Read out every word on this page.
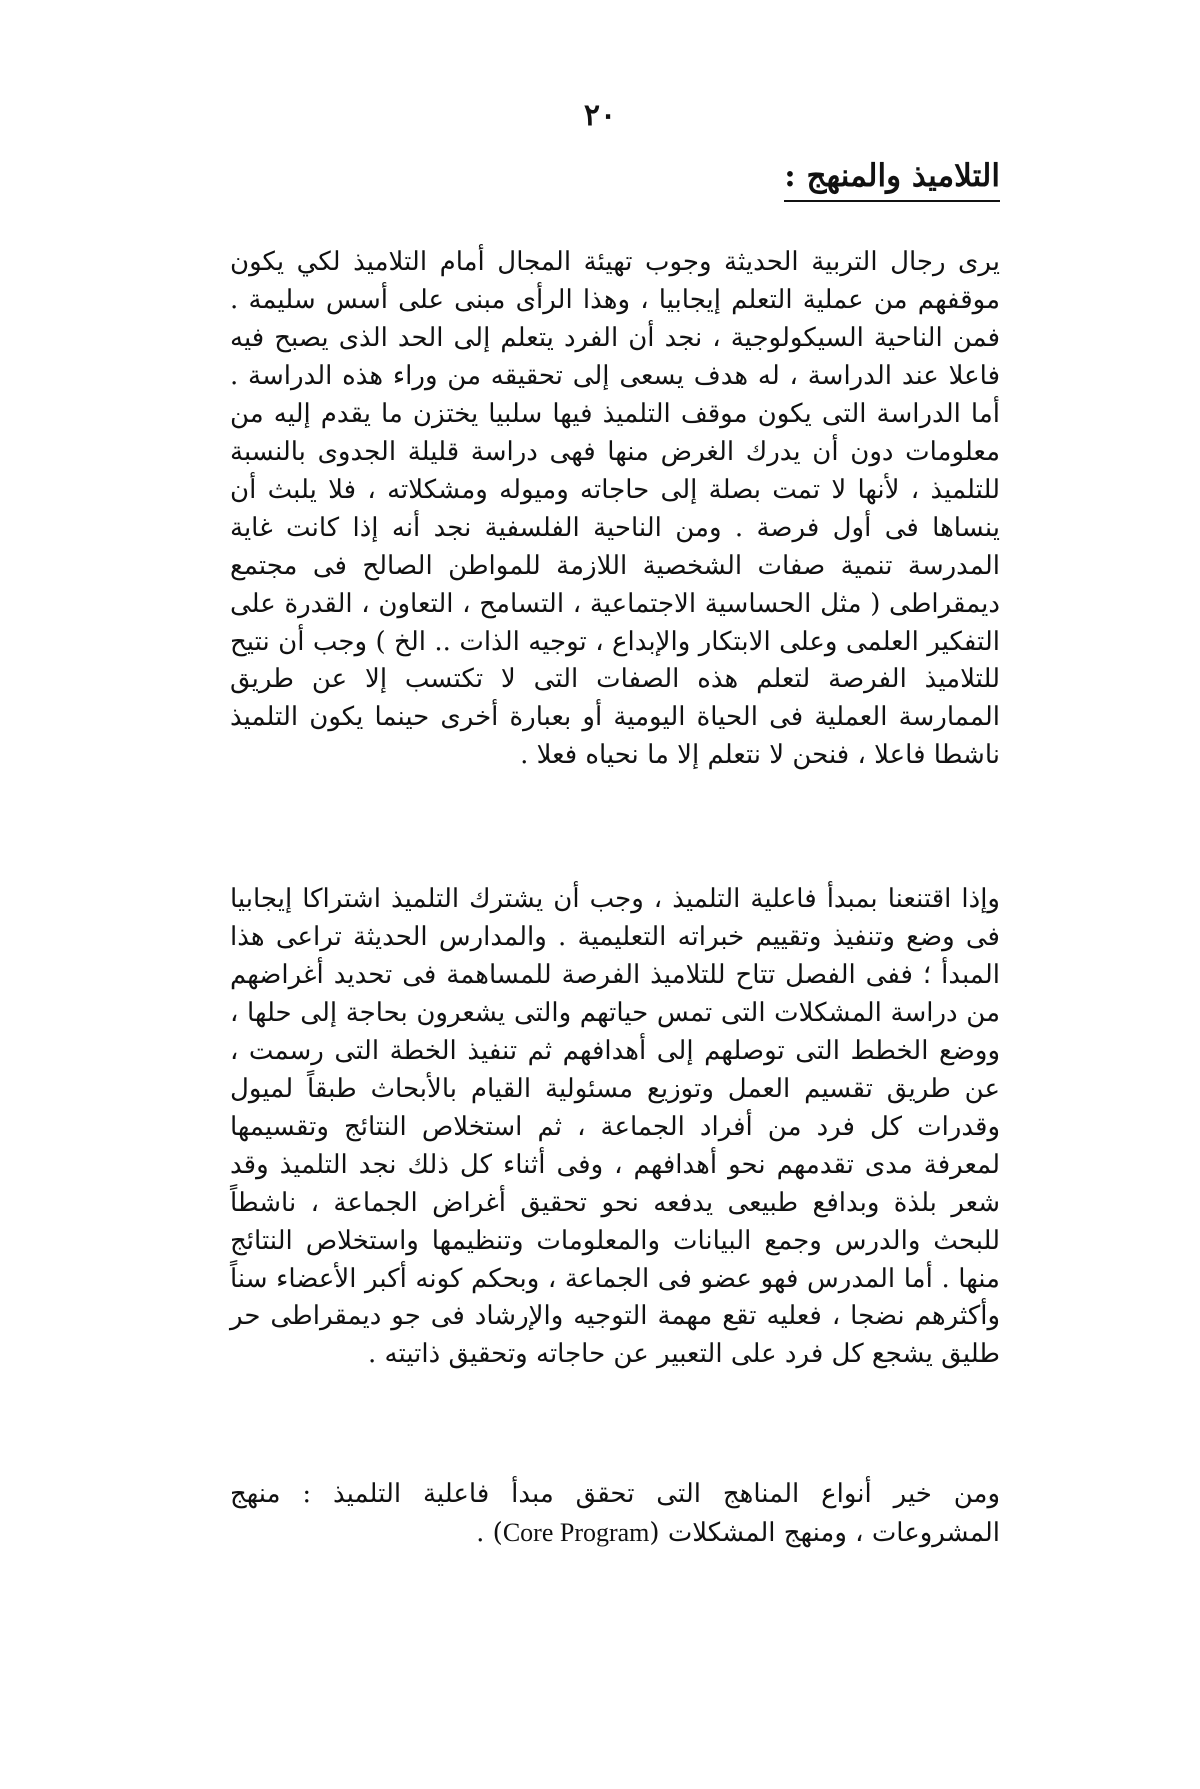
٢٠
التلاميذ والمنهج :

يرى رجال التربية الحديثة وجوب تهيئة المجال أمام التلاميذ لكي يكون موقفهم من عملية التعلم إيجابيا ، وهذا الرأى مبنى على أسس سليمة . فمن الناحية السيكولوجية ، نجد أن الفرد يتعلم إلى الحد الذى يصبح فيه فاعلا عند الدراسة ، له هدف يسعى إلى تحقيقه من وراء هذه الدراسة . أما الدراسة التى يكون موقف التلميذ فيها سلبيا يختزن ما يقدم إليه من معلومات دون أن يدرك الغرض منها فهى دراسة قليلة الجدوى بالنسبة للتلميذ ، لأنها لا تمت بصلة إلى حاجاته وميوله ومشكلاته ، فلا يلبث أن ينساها فى أول فرصة . ومن الناحية الفلسفية نجد أنه إذا كانت غاية المدرسة تنمية صفات الشخصية اللازمة للمواطن الصالح فى مجتمع ديمقراطى ( مثل الحساسية الاجتماعية ، التسامح ، التعاون ، القدرة على التفكير العلمى وعلى الابتكار والإبداع ، توجيه الذات .. الخ ) وجب أن نتيح للتلاميذ الفرصة لتعلم هذه الصفات التى لا تكتسب إلا عن طريق الممارسة العملية فى الحياة اليومية أو بعبارة أخرى حينما يكون التلميذ ناشطا فاعلا ، فنحن لا نتعلم إلا ما نحياه فعلا .

وإذا اقتنعنا بمبدأ فاعلية التلميذ ، وجب أن يشترك التلميذ اشتراكا إيجابيا فى وضع وتنفيذ وتقييم خبراته التعليمية . والمدارس الحديثة تراعى هذا المبدأ ؛ ففى الفصل تتاح للتلاميذ الفرصة للمساهمة فى تحديد أغراضهم من دراسة المشكلات التى تمس حياتهم والتى يشعرون بحاجة إلى حلها ، ووضع الخطط التى توصلهم إلى أهدافهم ثم تنفيذ الخطة التى رسمت ، عن طريق تقسيم العمل وتوزيع مسئولية القيام بالأبحاث طبقاً لميول وقدرات كل فرد من أفراد الجماعة ، ثم استخلاص النتائج وتقسيمها لمعرفة مدى تقدمهم نحو أهدافهم ، وفى أثناء كل ذلك نجد التلميذ وقد شعر بلذة وبدافع طبيعى يدفعه نحو تحقيق أغراض الجماعة ، ناشطاً للبحث والدرس وجمع البيانات والمعلومات وتنظيمها واستخلاص النتائج منها . أما المدرس فهو عضو فى الجماعة ، وبحكم كونه أكبر الأعضاء سناً وأكثرهم نضجا ، فعليه تقع مهمة التوجيه والإرشاد فى جو ديمقراطى حر طليق يشجع كل فرد على التعبير عن حاجاته وتحقيق ذاتيته .

ومن خير أنواع المناهج التى تحقق مبدأ فاعلية التلميذ : منهج المشروعات ، ومنهج المشكلات (Core Program) .
